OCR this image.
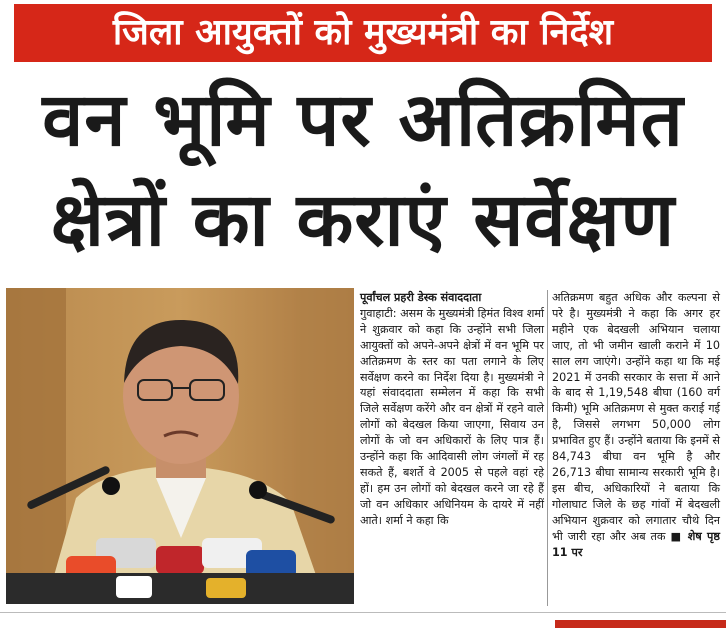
जिला आयुक्तों को मुख्यमंत्री का निर्देश
वन भूमि पर अतिक्रमित
क्षेत्रों का कराएं सर्वेक्षण

पूर्वांचल प्रहरी डेस्क संवाददाता

गुवाहाटी: असम के मुख्यमंत्री हिमंत विश्व शर्मा ने शुक्रवार को कहा कि उन्होंने सभी जिला आयुक्तों को अपने-अपने क्षेत्रों में वन भूमि पर अतिक्रमण के स्तर का पता लगाने के लिए सर्वेक्षण करने का निर्देश दिया है। मुख्यमंत्री ने यहां संवाददाता सम्मेलन में कहा कि सभी जिले सर्वेक्षण करेंगे और वन क्षेत्रों में रहने वाले लोगों को बेदखल किया जाएगा, सिवाय उन लोगों के जो वन अधिकारों के लिए पात्र हैं। उन्होंने कहा कि आदिवासी लोग जंगलों में रह सकते हैं, बशर्ते वे 2005 से पहले वहां रहे हों। हम उन लोगों को बेदखल करने जा रहे हैं जो वन अधिकार अधिनियम के दायरे में नहीं आते। शर्मा ने कहा कि

अतिक्रमण बहुत अधिक और कल्पना से परे है। मुख्यमंत्री ने कहा कि अगर हर महीने एक बेदखली अभियान चलाया जाए, तो भी जमीन खाली कराने में 10 साल लग जाएंगे। उन्होंने कहा था कि मई 2021 में उनकी सरकार के सत्ता में आने के बाद से 1,19,548 बीघा (160 वर्ग किमी) भूमि अतिक्रमण से मुक्त कराई गई है, जिससे लगभग 50,000 लोग प्रभावित हुए हैं। उन्होंने बताया कि इनमें से 84,743 बीघा वन भूमि है और 26,713 बीघा सामान्य सरकारी भूमि है। इस बीच, अधिकारियों ने बताया कि गोलाघाट जिले के छह गांवों में बेदखली अभियान शुक्रवार को लगातार चौथे दिन भी जारी रहा और अब तक ■ शेष पृष्ठ 11 पर
